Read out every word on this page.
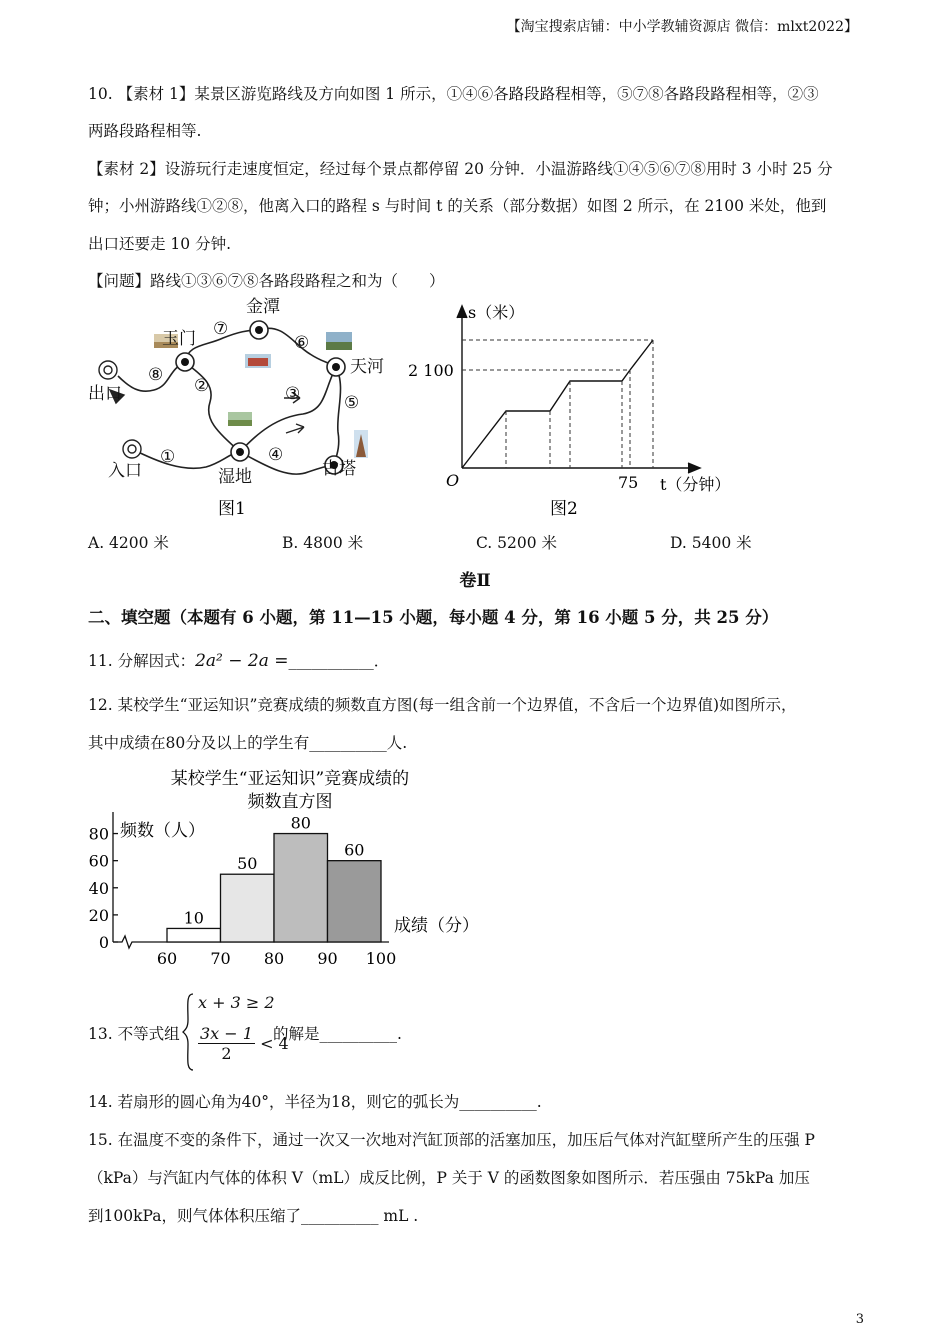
【淘宝搜索店铺：中小学教辅资源店 微信：mlxt2022】
10. 【素材 1】某景区游览路线及方向如图 1 所示，①④⑥各路段路程相等，⑤⑦⑧各路段路程相等，②③
两路段路程相等.
【素材 2】设游玩行走速度恒定，经过每个景点都停留 20 分钟．小温游路线①④⑤⑥⑦⑧用时 3 小时 25 分
钟；小州游路线①②⑧，他离入口的路程 s 与时间 t 的关系（部分数据）如图 2 所示，在 2100 米处，他到
出口还要走 10 分钟.
【问题】路线①③⑥⑦⑧各路段路程之和为（　　）
金潭
玉门
天河
出口
入口	湿地	古塔
①
②	③
④
⑤
⑥
⑦
⑧
图1
s（米）
2 100
75 t（分钟）
O
图2
A. 4200 米	B. 4800 米	C. 5200 米	D. 5400 米
卷Ⅱ
二、填空题（本题有 6 小题，第 11—15 小题，每小题 4 分，第 16 小题 5 分，共 25 分）
11. 分解因式：2a² − 2a =___________．
12. 某校学生“亚运知识”竞赛成绩的频数直方图(每一组含前一个边界值，不含后一个边界值)如图所示，
其中成绩在80分及以上的学生有__________人.
某校学生“亚运知识”竞赛成绩的
频数直方图
频数（人）
成绩（分）
0
20
40
60
80
10
50
80
60
60 70 80 90 100
13. 不等式组
x + 3 ≥ 2
$\frac{3x - 1}{2} < 4$
的解是__________.
14. 若扇形的圆心角为40°，半径为18，则它的弧长为__________.
15. 在温度不变的条件下，通过一次又一次地对汽缸顶部的活塞加压，加压后气体对汽缸壁所产生的压强 P
（kPa）与汽缸内气体的体积 V（mL）成反比例，P 关于 V 的函数图象如图所示．若压强由 75kPa 加压
到100kPa，则气体体积压缩了__________ mL .
3
